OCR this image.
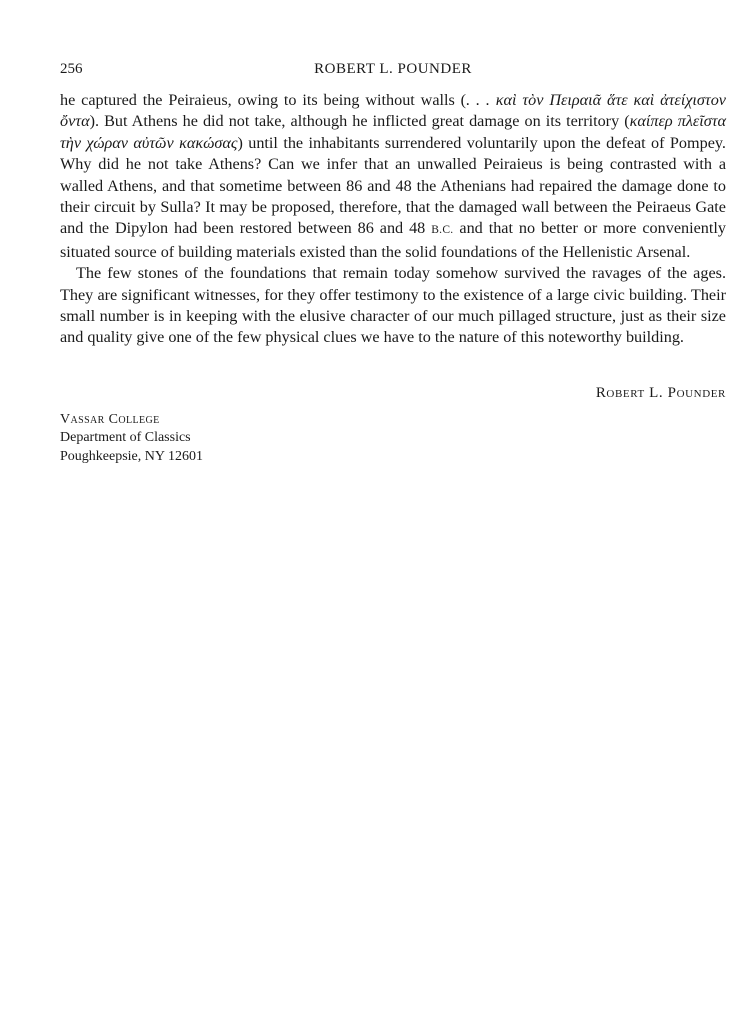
256	ROBERT L. POUNDER

he captured the Peiraieus, owing to its being without walls (. . . καὶ τὸν Πειραιᾶ ἅτε καὶ ἀτείχιστον ὄντα). But Athens he did not take, although he inflicted great damage on its territory (καίπερ πλεῖστα τὴν χώραν αὐτῶν κακώσας) until the inhabitants surrendered voluntarily upon the defeat of Pompey. Why did he not take Athens? Can we infer that an unwalled Peiraieus is being contrasted with a walled Athens, and that sometime between 86 and 48 the Athenians had repaired the damage done to their circuit by Sulla? It may be proposed, therefore, that the damaged wall between the Peiraeus Gate and the Dipylon had been restored between 86 and 48 B.C. and that no better or more conveniently situated source of building materials existed than the solid foundations of the Hellenistic Arsenal.

The few stones of the foundations that remain today somehow survived the ravages of the ages. They are significant witnesses, for they offer testimony to the existence of a large civic building. Their small number is in keeping with the elusive character of our much pillaged structure, just as their size and quality give one of the few physical clues we have to the nature of this noteworthy building.

Robert L. Pounder
Vassar College
Department of Classics
Poughkeepsie, NY 12601
